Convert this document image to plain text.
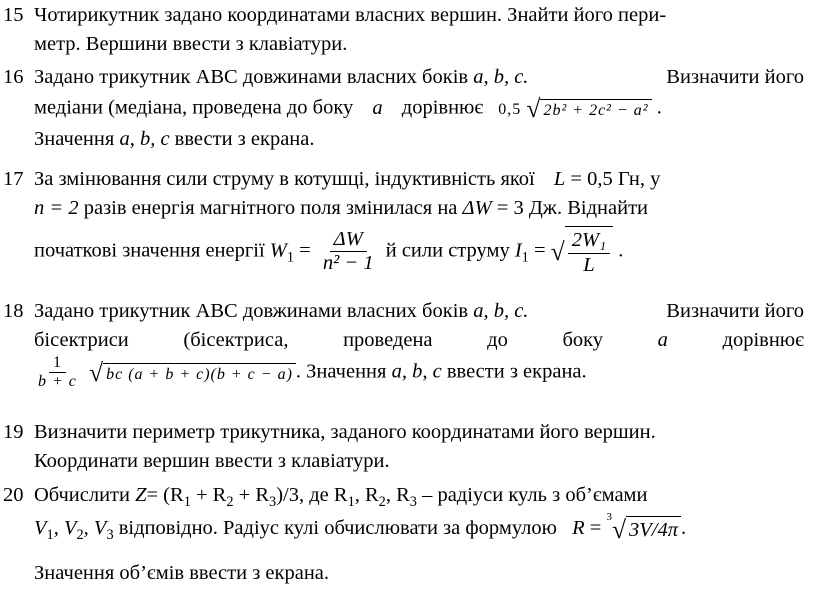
15 Чотирикутник задано координатами власних вершин. Знайти його пери-
метр. Вершини ввести з клавіатури.
16 Задано трикутник ABC довжинами власних боків a, b, c.	Визначити його
медіани (медіана, проведена до боку a дорівнює 0,5 √ 2b² + 2c² − a² .
Значення a, b, c ввести з екрана.
17 За змінювання сили струму в котушці, індуктивність якої L = 0,5 Гн, у
n = 2 разів енергія магнітного поля змінилася на ΔW = 3 Дж. Віднайти
початкові значення енергії $W_1 = \frac{\Delta W}{\text{n² − 1}}$ й сили струму $I_1$ = √ $\frac{\text{2W₁}}{L}$ .
18 Задано трикутник ABC довжинами власних боків a, b, c.	Визначити його
бісектриси	(бісектриса,	проведена	до	боку	a	дорівнює
$\frac{1}{b + c}$ √ bc (a + b + c)(b + c − a) . Значення a, b, c ввести з екрана.
19 Визначити периметр трикутника, заданого координатами його вершин.
Координати вершин ввести з клавіатури.
20 Обчислити $Z= (R_1 + R_2 + R_3)/3$, де $R_1$, $R_2$, $R_3$ – радіуси куль з об’ємами
$V_1$, $V_2$, $V_3$ відповідно. Радіус кулі обчислювати за формулою R = $^3$√ 3V/4π .
Значення об’ємів ввести з екрана.
